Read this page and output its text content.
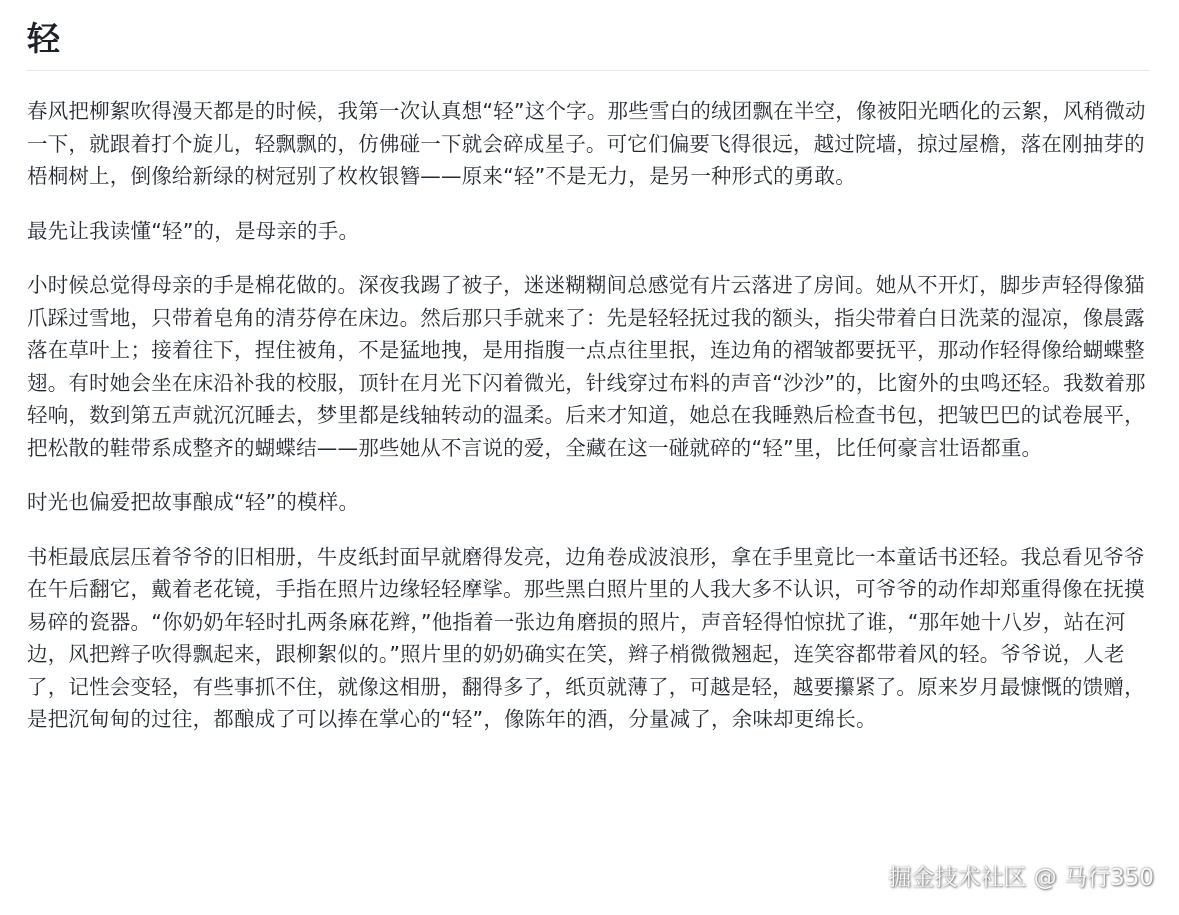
轻

春风把柳絮吹得漫天都是的时候，我第一次认真想“轻”这个字。那些雪白的绒团飘在半空，像被阳光晒化的云絮，风稍微动一下，就跟着打个旋儿，轻飘飘的，仿佛碰一下就会碎成星子。可它们偏要飞得很远，越过院墙，掠过屋檐，落在刚抽芽的梧桐树上，倒像给新绿的树冠别了枚枚银簪——原来“轻”不是无力，是另一种形式的勇敢。

最先让我读懂“轻”的，是母亲的手。

小时候总觉得母亲的手是棉花做的。深夜我踢了被子，迷迷糊糊间总感觉有片云落进了房间。她从不开灯，脚步声轻得像猫爪踩过雪地，只带着皂角的清芬停在床边。然后那只手就来了：先是轻轻抚过我的额头，指尖带着白日洗菜的湿凉，像晨露落在草叶上；接着往下，捏住被角，不是猛地拽，是用指腹一点点往里抿，连边角的褶皱都要抚平，那动作轻得像给蝴蝶整翅。有时她会坐在床沿补我的校服，顶针在月光下闪着微光，针线穿过布料的声音“沙沙”的，比窗外的虫鸣还轻。我数着那轻响，数到第五声就沉沉睡去，梦里都是线轴转动的温柔。后来才知道，她总在我睡熟后检查书包，把皱巴巴的试卷展平，把松散的鞋带系成整齐的蝴蝶结——那些她从不言说的爱，全藏在这一碰就碎的“轻”里，比任何豪言壮语都重。

时光也偏爱把故事酿成“轻”的模样。

书柜最底层压着爷爷的旧相册，牛皮纸封面早就磨得发亮，边角卷成波浪形，拿在手里竟比一本童话书还轻。我总看见爷爷在午后翻它，戴着老花镜，手指在照片边缘轻轻摩挲。那些黑白照片里的人我大多不认识，可爷爷的动作却郑重得像在抚摸易碎的瓷器。“你奶奶年轻时扎两条麻花辫，”他指着一张边角磨损的照片，声音轻得怕惊扰了谁，“那年她十八岁，站在河边，风把辫子吹得飘起来，跟柳絮似的。”照片里的奶奶确实在笑，辫子梢微微翘起，连笑容都带着风的轻。爷爷说，人老了，记性会变轻，有些事抓不住，就像这相册，翻得多了，纸页就薄了，可越是轻，越要攥紧了。原来岁月最慷慨的馈赠，是把沉甸甸的过往，都酿成了可以捧在掌心的“轻”，像陈年的酒，分量减了，余味却更绵长。

掘金技术社区 @ 马行350
